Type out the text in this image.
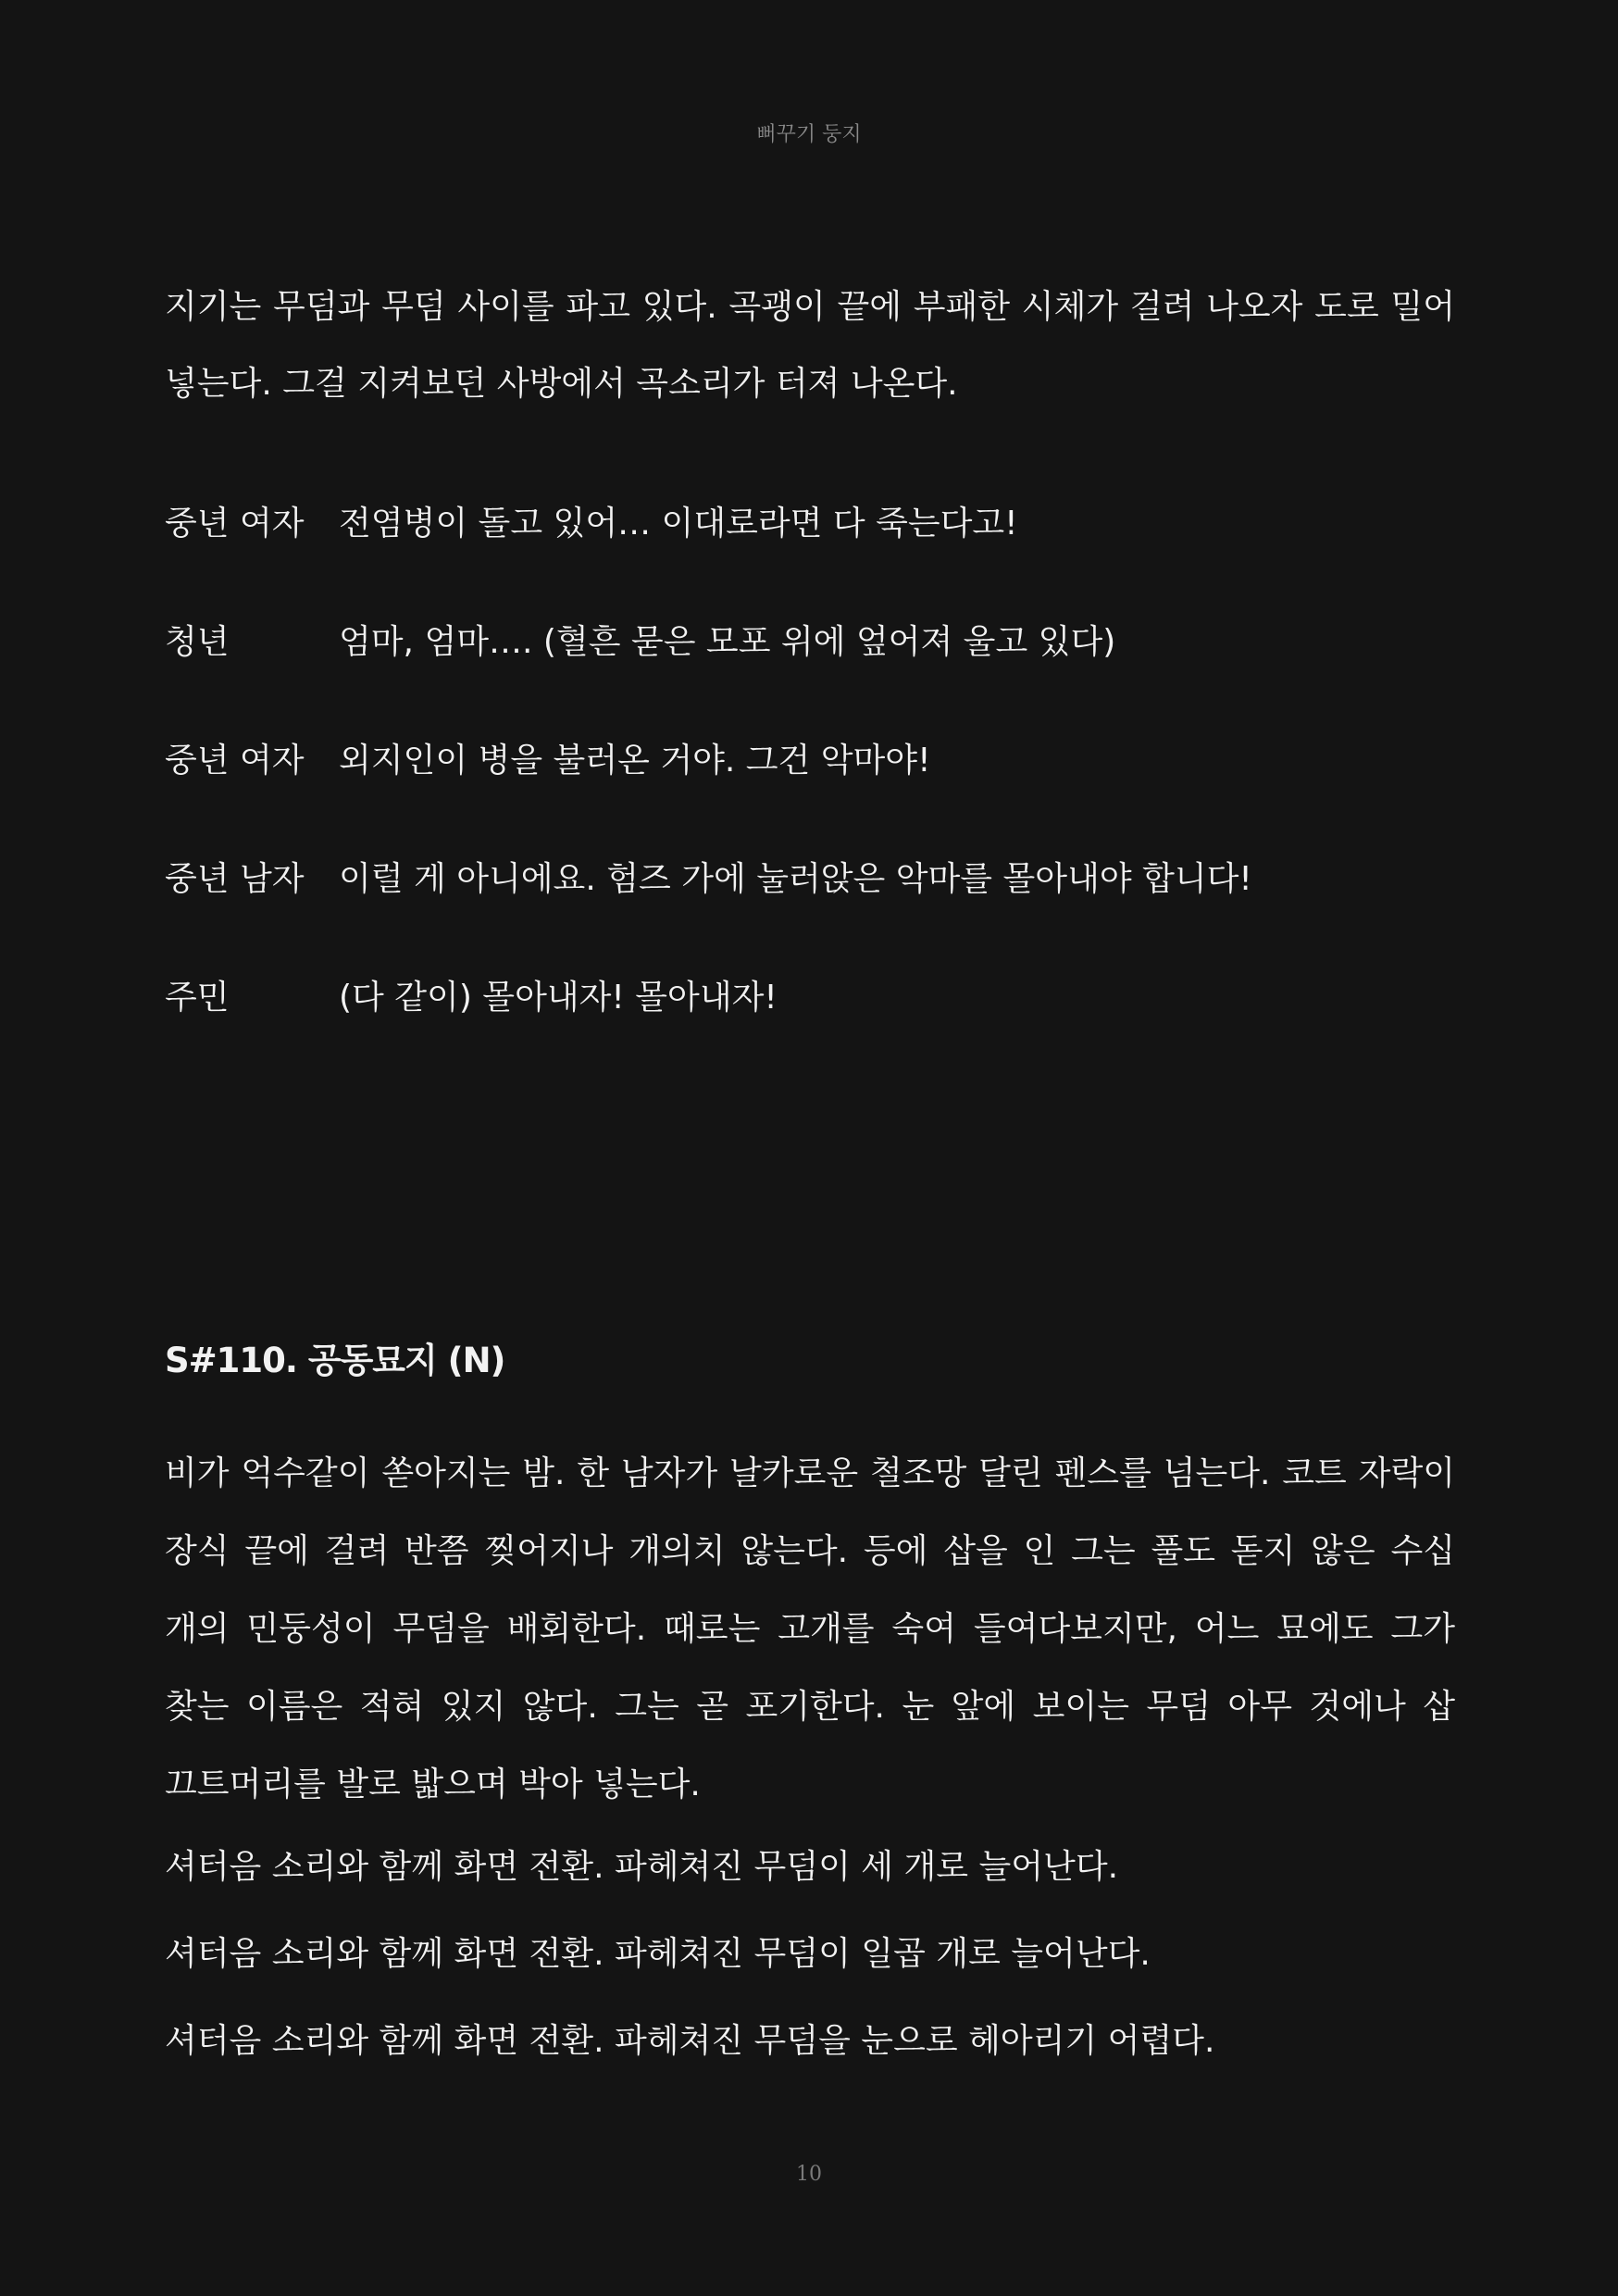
뻐꾸기 둥지

지기는 무덤과 무덤 사이를 파고 있다. 곡괭이 끝에 부패한 시체가 걸려 나오자 도로 밀어 넣는다. 그걸 지켜보던 사방에서 곡소리가 터져 나온다.

중년 여자	전염병이 돌고 있어… 이대로라면 다 죽는다고!
청년	엄마, 엄마…. (혈흔 묻은 모포 위에 엎어져 울고 있다)
중년 여자	외지인이 병을 불러온 거야. 그건 악마야!
중년 남자	이럴 게 아니에요. 험즈 가에 눌러앉은 악마를 몰아내야 합니다!
주민	(다 같이) 몰아내자! 몰아내자!
S#110. 공동묘지 (N)

비가 억수같이 쏟아지는 밤. 한 남자가 날카로운 철조망 달린 펜스를 넘는다. 코트 자락이 장식 끝에 걸려 반쯤 찢어지나 개의치 않는다. 등에 삽을 인 그는 풀도 돋지 않은 수십 개의 민둥성이 무덤을 배회한다. 때로는 고개를 숙여 들여다보지만, 어느 묘에도 그가 찾는 이름은 적혀 있지 않다. 그는 곧 포기한다. 눈 앞에 보이는 무덤 아무 것에나 삽 끄트머리를 발로 밟으며 박아 넣는다.

셔터음 소리와 함께 화면 전환. 파헤쳐진 무덤이 세 개로 늘어난다.

셔터음 소리와 함께 화면 전환. 파헤쳐진 무덤이 일곱 개로 늘어난다.

셔터음 소리와 함께 화면 전환. 파헤쳐진 무덤을 눈으로 헤아리기 어렵다.

10
